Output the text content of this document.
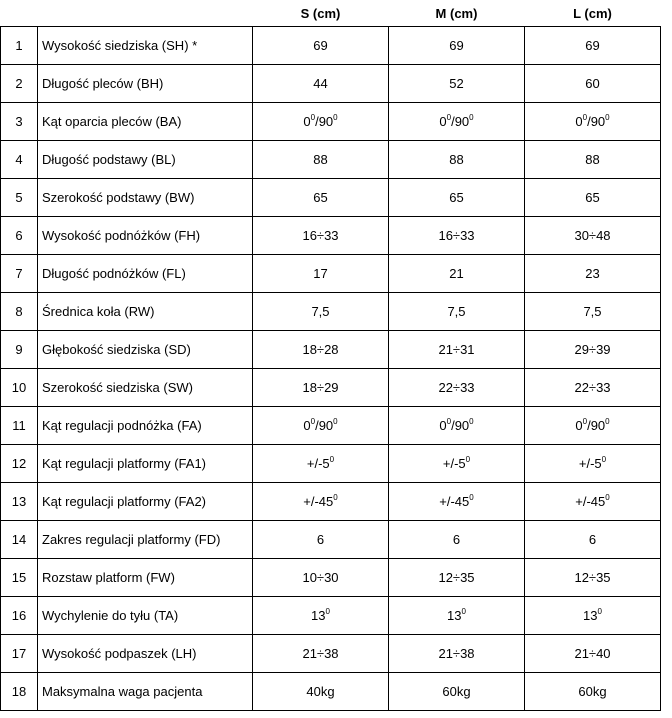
		S (cm)	M (cm)	L (cm)
1	Wysokość siedziska (SH) *	69	69	69
2	Długość pleców (BH)	44	52	60
3	Kąt oparcia pleców (BA)	$0^0/90^0$	$0^0/90^0$	$0^0/90^0$
4	Długość podstawy (BL)	88	88	88
5	Szerokość podstawy (BW)	65	65	65
6	Wysokość podnóżków (FH)	16÷33	16÷33	30÷48
7	Długość podnóżków (FL)	17	21	23
8	Średnica koła (RW)	7,5	7,5	7,5
9	Głębokość siedziska (SD)	18÷28	21÷31	29÷39
10	Szerokość siedziska (SW)	18÷29	22÷33	22÷33
11	Kąt regulacji podnóżka (FA)	$0^0/90^0$	$0^0/90^0$	$0^0/90^0$
12	Kąt regulacji platformy (FA1)	$+/-5^0$	$+/-5^0$	$+/-5^0$
13	Kąt regulacji platformy (FA2)	$+/-45^0$	$+/-45^0$	$+/-45^0$
14	Zakres regulacji platformy (FD)	6	6	6
15	Rozstaw platform (FW)	10÷30	12÷35	12÷35
16	Wychylenie do tyłu (TA)	$13^0$	$13^0$	$13^0$
17	Wysokość podpaszek (LH)	21÷38	21÷38	21÷40
18	Maksymalna waga pacjenta	40kg	60kg	60kg
